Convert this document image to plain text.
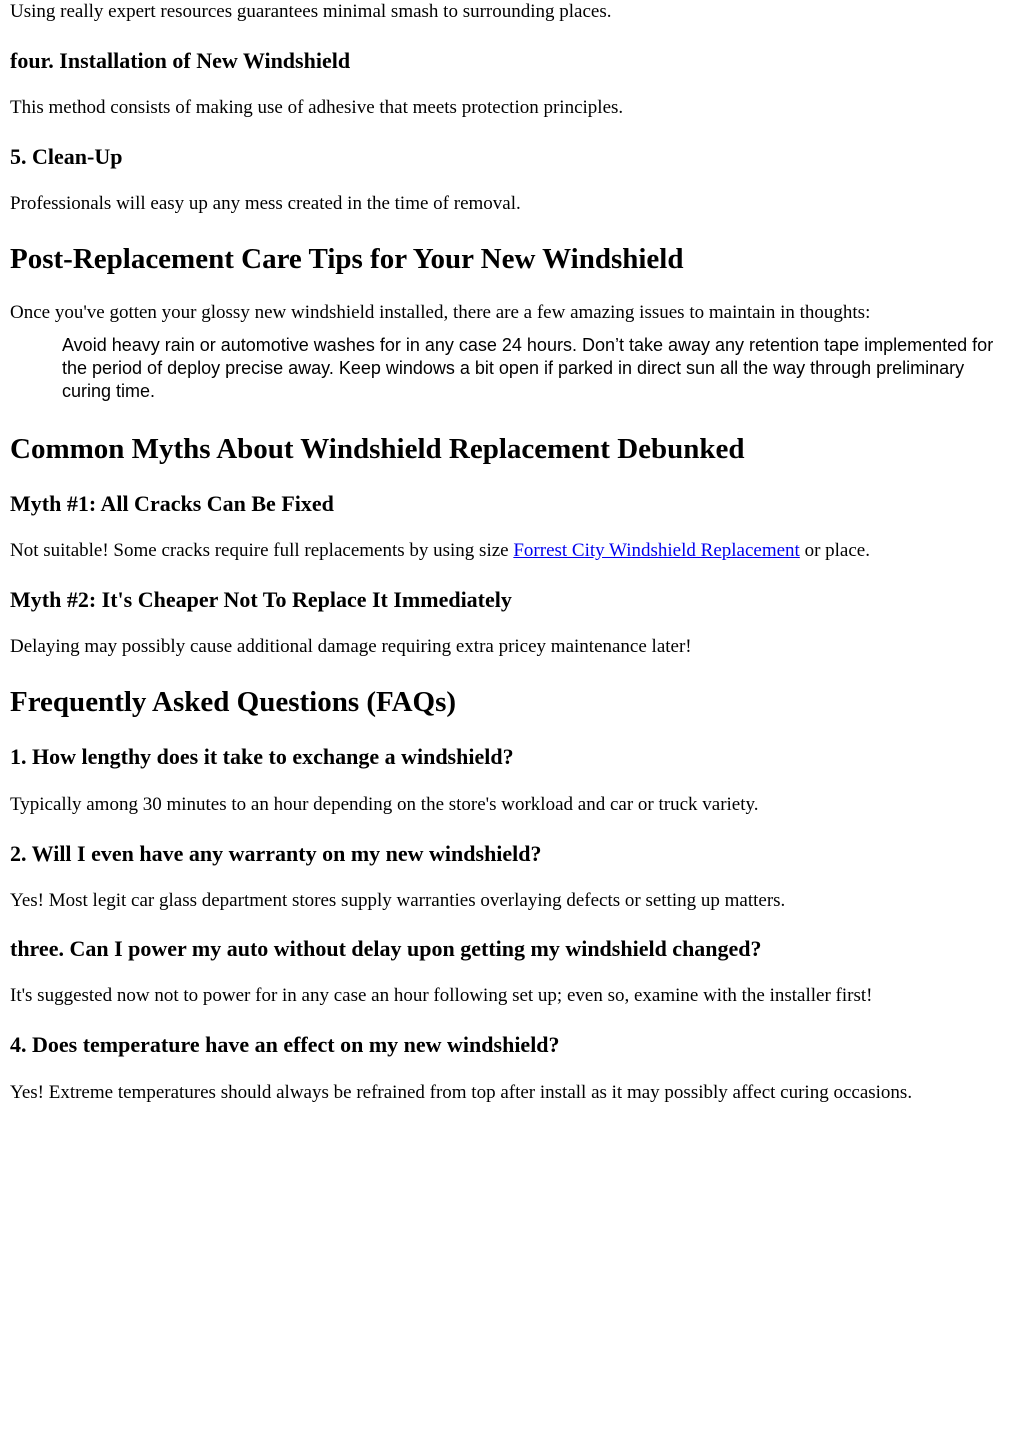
Using really expert resources guarantees minimal smash to surrounding places.

four. Installation of New Windshield

This method consists of making use of adhesive that meets protection principles.

5. Clean-Up

Professionals will easy up any mess created in the time of removal.

Post-Replacement Care Tips for Your New Windshield

Once you've gotten your glossy new windshield installed, there are a few amazing issues to maintain in thoughts:

Avoid heavy rain or automotive washes for in any case 24 hours. Don’t take away any retention tape implemented for the period of deploy precise away. Keep windows a bit open if parked in direct sun all the way through preliminary curing time.
Common Myths About Windshield Replacement Debunked
Myth #1: All Cracks Can Be Fixed

Not suitable! Some cracks require full replacements by using size Forrest City Windshield Replacement or place.

Myth #2: It's Cheaper Not To Replace It Immediately

Delaying may possibly cause additional damage requiring extra pricey maintenance later!

Frequently Asked Questions (FAQs)
1. How lengthy does it take to exchange a windshield?

Typically among 30 minutes to an hour depending on the store's workload and car or truck variety.

2. Will I even have any warranty on my new windshield?

Yes! Most legit car glass department stores supply warranties overlaying defects or setting up matters.

three. Can I power my auto without delay upon getting my windshield changed?

It's suggested now not to power for in any case an hour following set up; even so, examine with the installer first!

4. Does temperature have an effect on my new windshield?

Yes! Extreme temperatures should always be refrained from top after install as it may possibly affect curing occasions.
